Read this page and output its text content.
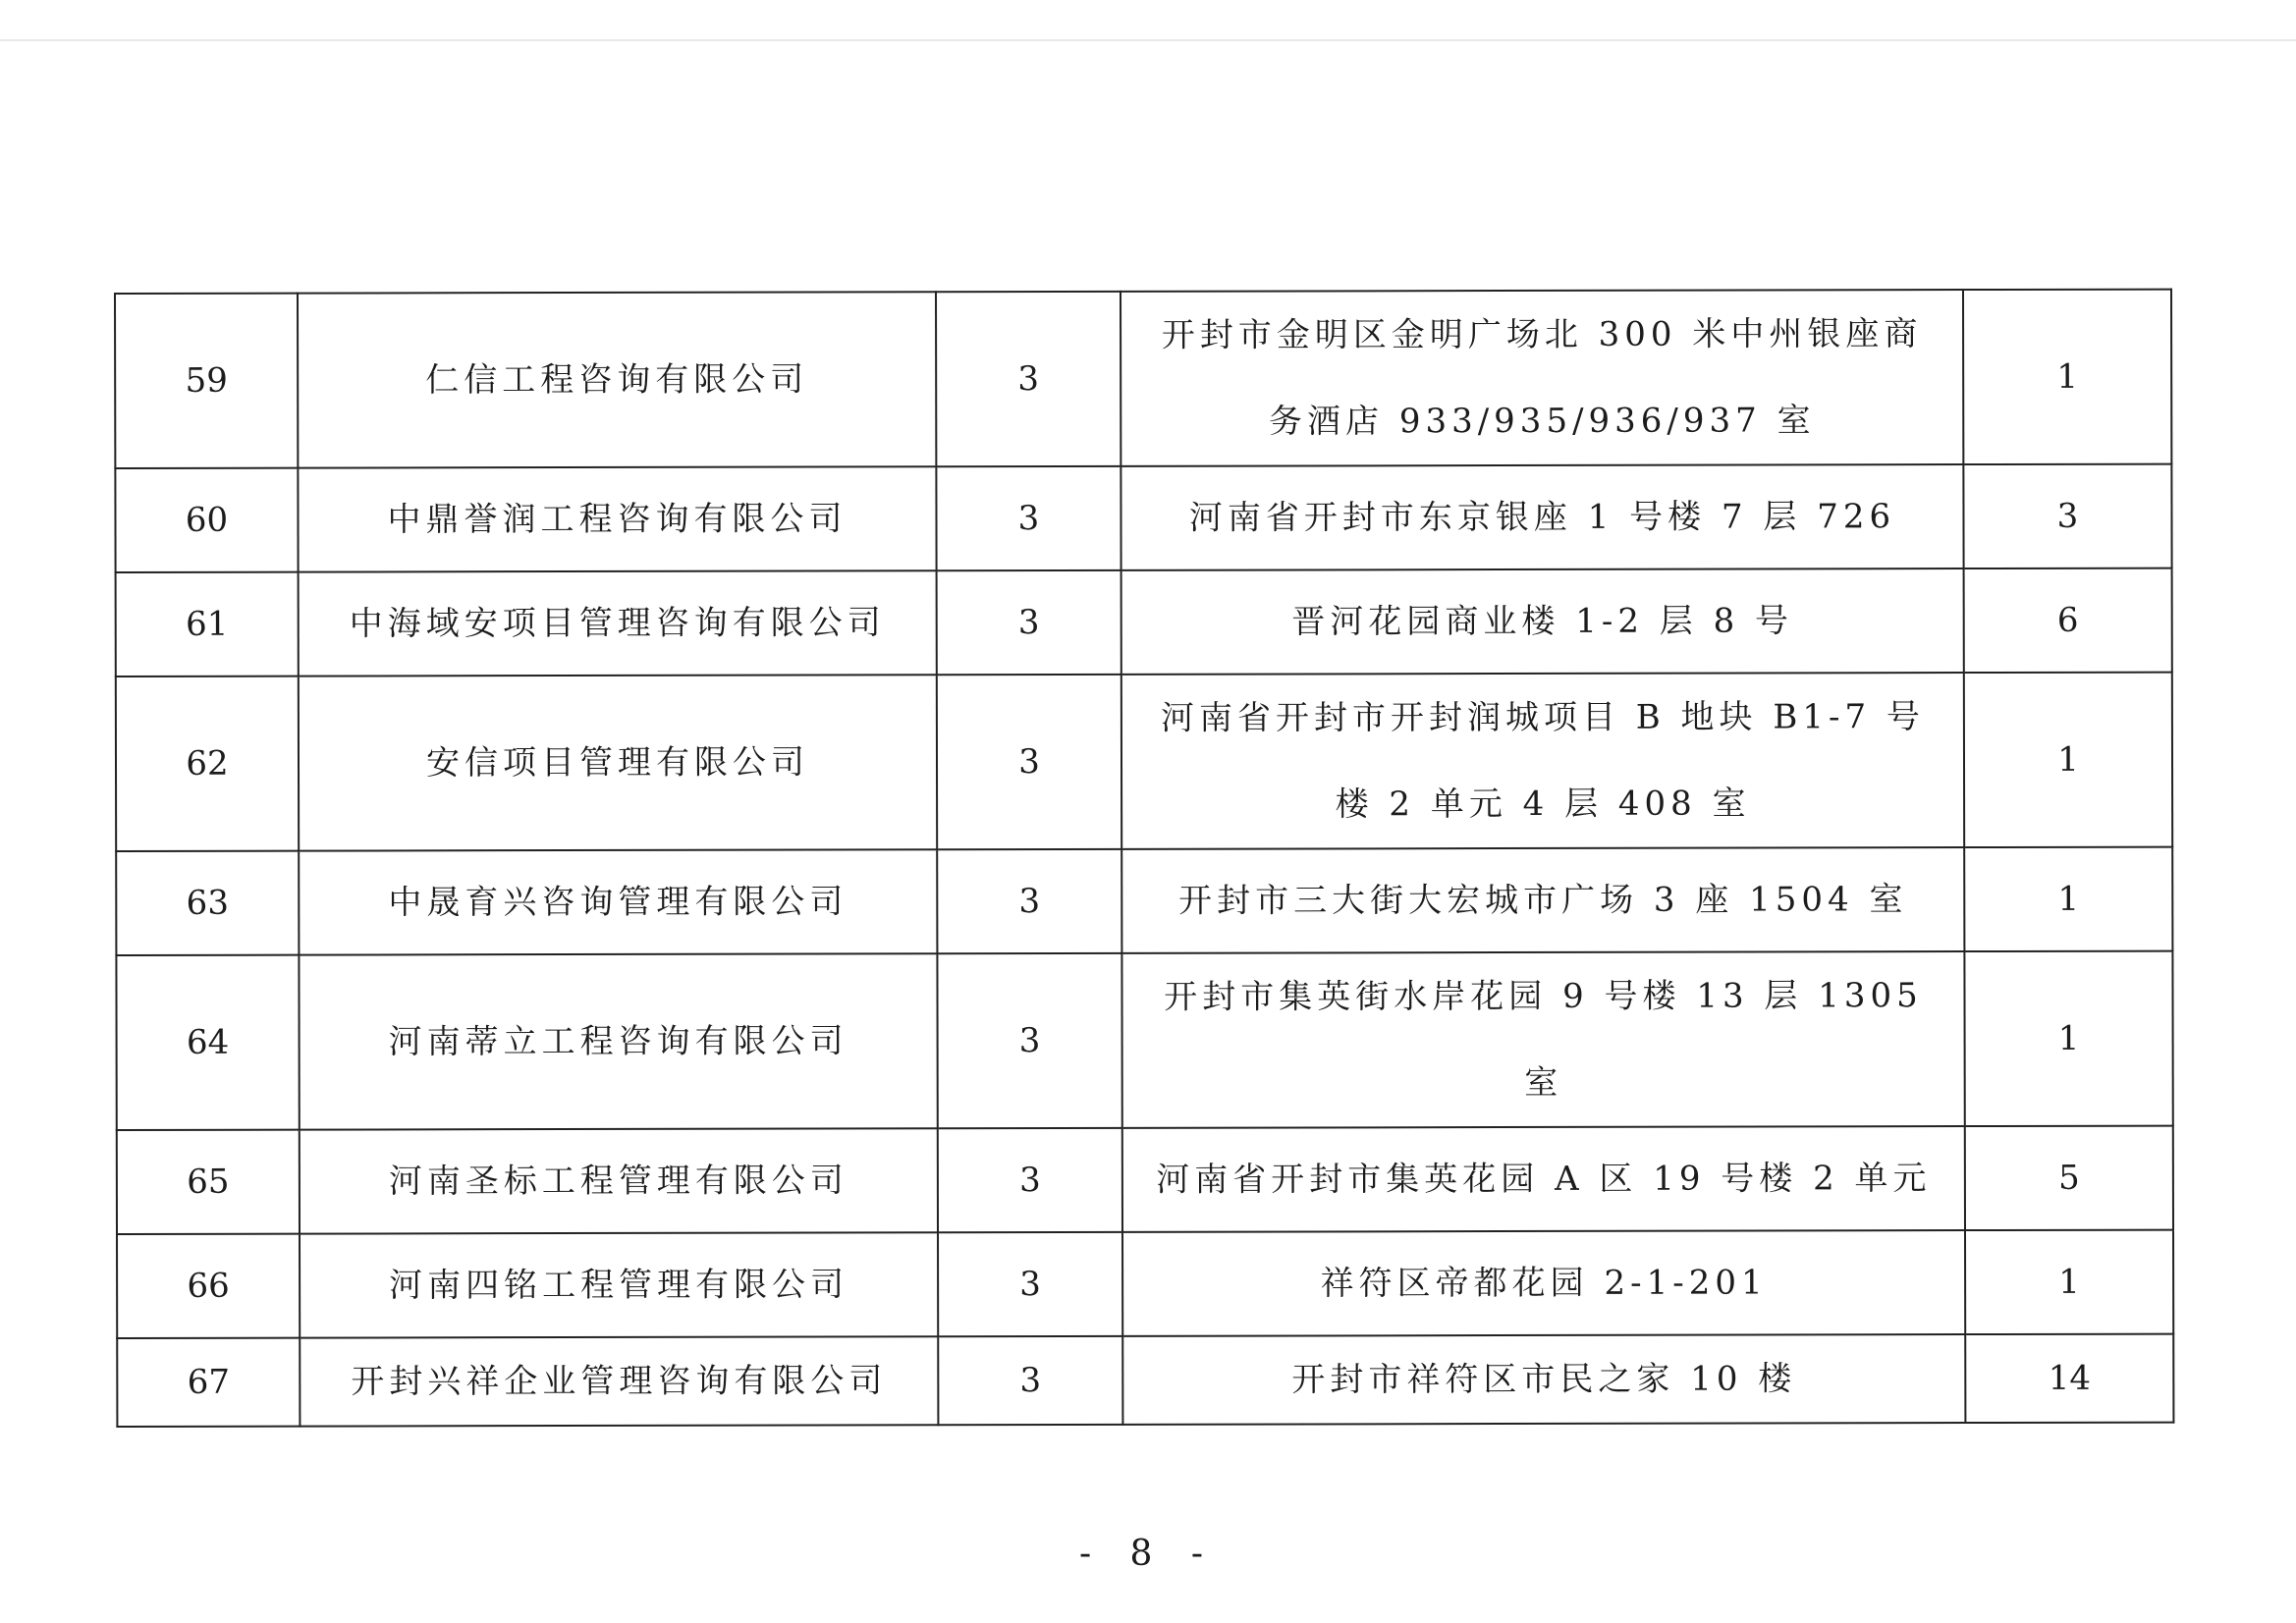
59	仁信工程咨询有限公司	3	开封市金明区金明广场北 300 米中州银座商务酒店 933/935/936/937 室	1
60	中鼎誉润工程咨询有限公司	3	河南省开封市东京银座 1 号楼 7 层 726	3
61	中海域安项目管理咨询有限公司	3	晋河花园商业楼 1-2 层 8 号	6
62	安信项目管理有限公司	3	河南省开封市开封润城项目 B 地块 B1-7 号楼 2 单元 4 层 408 室	1
63	中晟育兴咨询管理有限公司	3	开封市三大街大宏城市广场 3 座 1504 室	1
64	河南蒂立工程咨询有限公司	3	开封市集英街水岸花园 9 号楼 13 层 1305 室	1
65	河南圣标工程管理有限公司	3	河南省开封市集英花园 A 区 19 号楼 2 单元	5
66	河南四铭工程管理有限公司	3	祥符区帝都花园 2-1-201	1
67	开封兴祥企业管理咨询有限公司	3	开封市祥符区市民之家 10 楼	14
- 8 -
